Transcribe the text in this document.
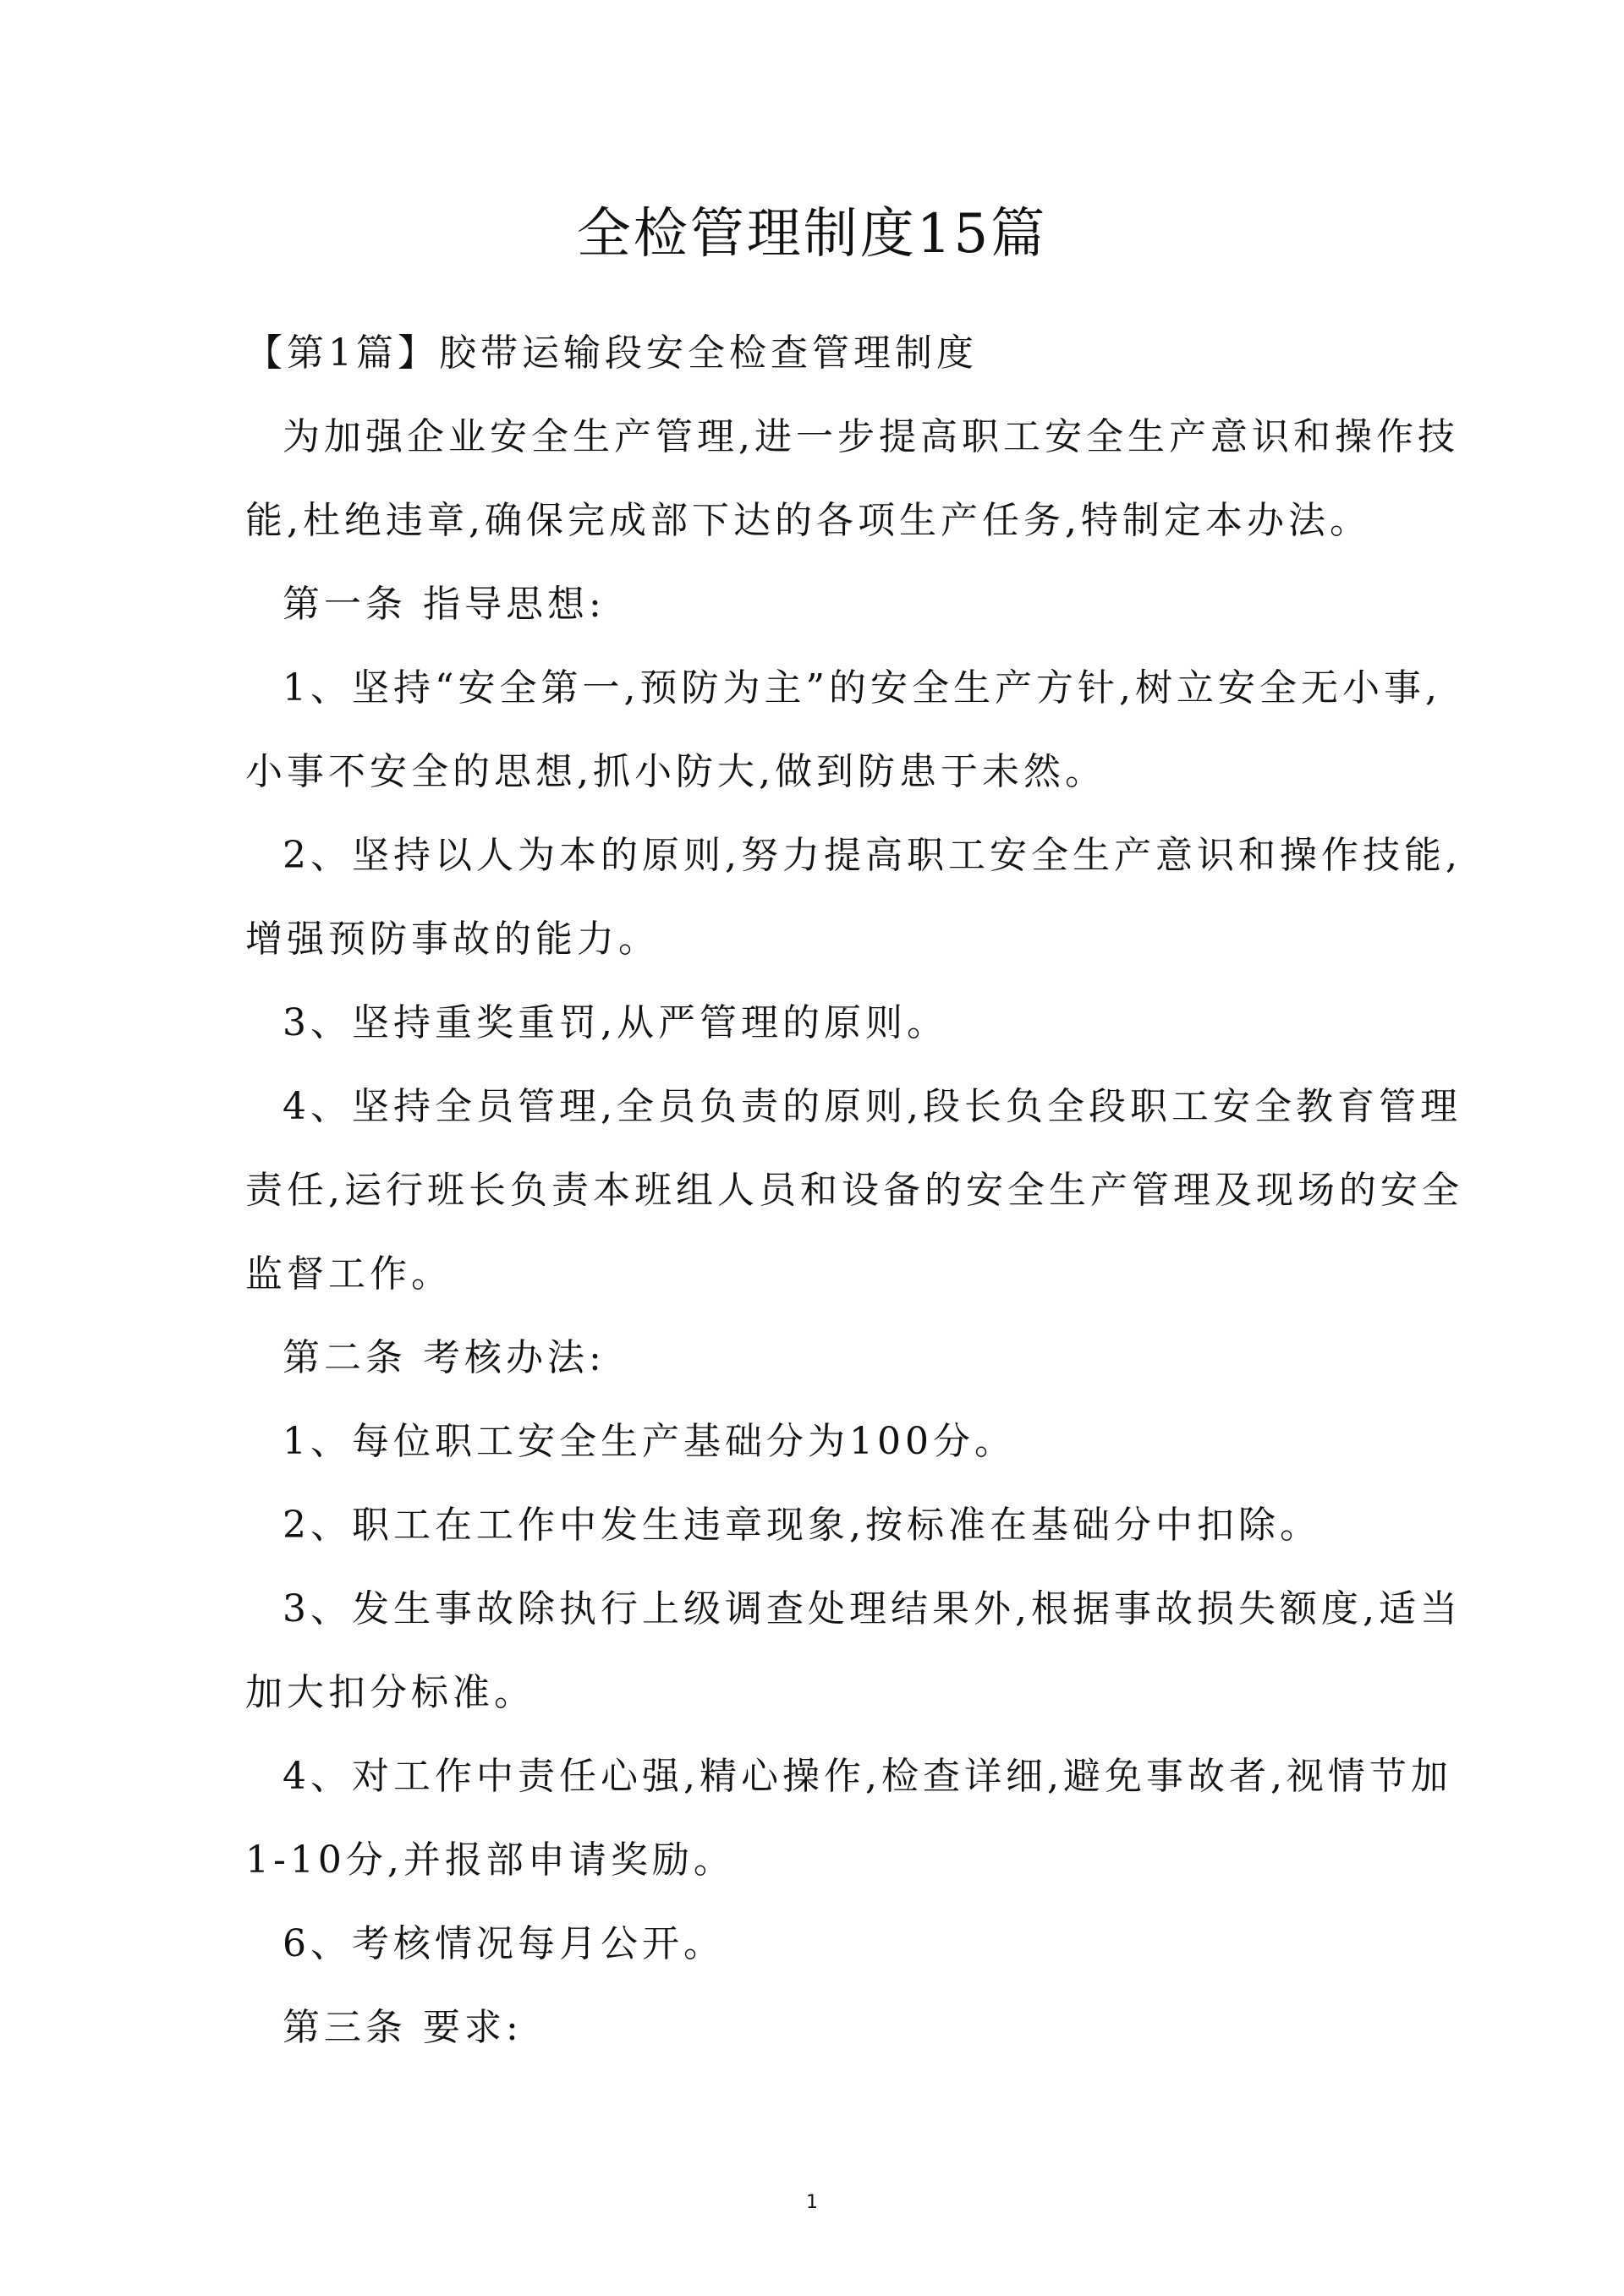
全检管理制度15篇

【第1篇】胶带运输段安全检查管理制度

为加强企业安全生产管理,进一步提高职工安全生产意识和操作技

能,杜绝违章,确保完成部下达的各项生产任务,特制定本办法。

第一条 指导思想:

1、坚持“安全第一,预防为主”的安全生产方针,树立安全无小事,

小事不安全的思想,抓小防大,做到防患于未然。

2、坚持以人为本的原则,努力提高职工安全生产意识和操作技能,

增强预防事故的能力。

3、坚持重奖重罚,从严管理的原则。

4、坚持全员管理,全员负责的原则,段长负全段职工安全教育管理

责任,运行班长负责本班组人员和设备的安全生产管理及现场的安全

监督工作。

第二条 考核办法:

1、每位职工安全生产基础分为100分。

2、职工在工作中发生违章现象,按标准在基础分中扣除。

3、发生事故除执行上级调查处理结果外,根据事故损失额度,适当

加大扣分标准。

4、对工作中责任心强,精心操作,检查详细,避免事故者,视情节加

1-10分,并报部申请奖励。

6、考核情况每月公开。

第三条 要求:

1
